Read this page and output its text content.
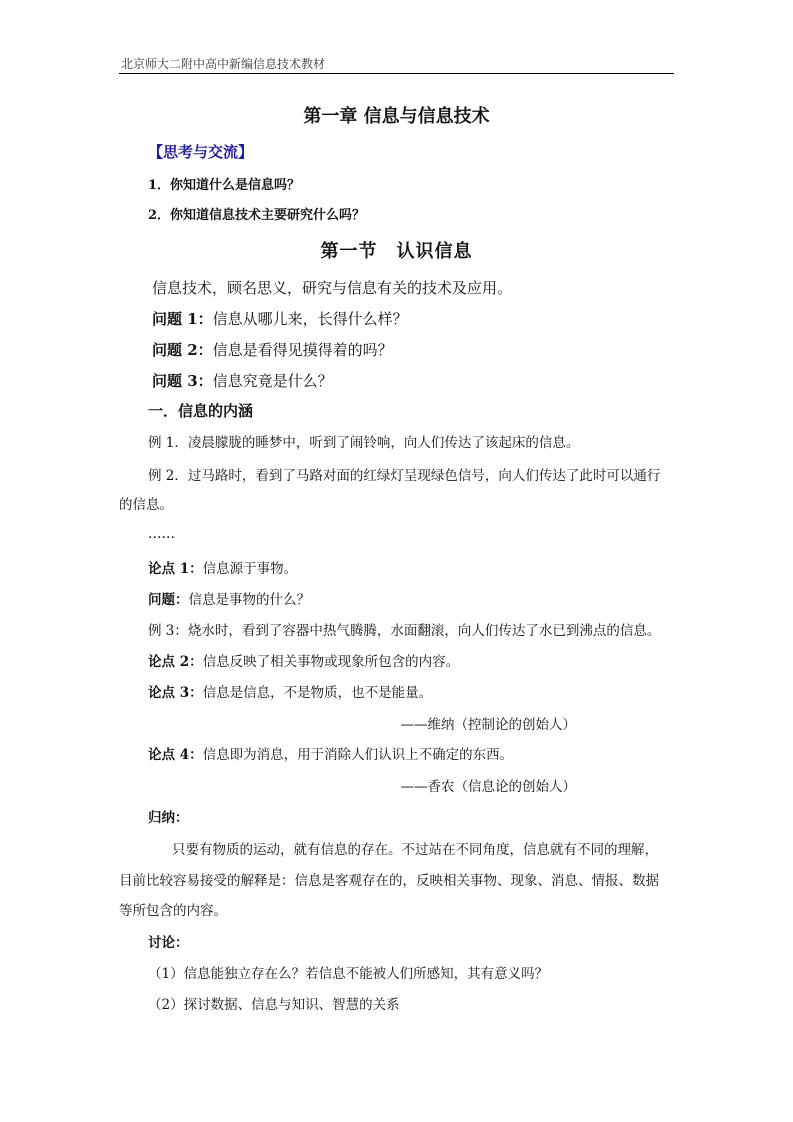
北京师大二附中高中新编信息技术教材
第一章 信息与信息技术
【思考与交流】
1．你知道什么是信息吗？
2．你知道信息技术主要研究什么吗？
第一节　认识信息
信息技术，顾名思义，研究与信息有关的技术及应用。
问题 1：信息从哪儿来，长得什么样？
问题 2：信息是看得见摸得着的吗？
问题 3：信息究竟是什么？
一．信息的内涵
例 1．凌晨朦胧的睡梦中，听到了闹铃响，向人们传达了该起床的信息。
例 2．过马路时，看到了马路对面的红绿灯呈现绿色信号，向人们传达了此时可以通行
的信息。
……
论点 1：信息源于事物。
问题：信息是事物的什么？
例 3：烧水时，看到了容器中热气腾腾，水面翻滚，向人们传达了水已到沸点的信息。
论点 2：信息反映了相关事物或现象所包含的内容。
论点 3：信息是信息，不是物质，也不是能量。
——维纳（控制论的创始人）
论点 4：信息即为消息，用于消除人们认识上不确定的东西。
——香农（信息论的创始人）
归纳：
只要有物质的运动，就有信息的存在。不过站在不同角度，信息就有不同的理解，
目前比较容易接受的解释是：信息是客观存在的，反映相关事物、现象、消息、情报、数据
等所包含的内容。
讨论：
（1）信息能独立存在么？若信息不能被人们所感知，其有意义吗？
（2）探讨数据、信息与知识、智慧的关系
